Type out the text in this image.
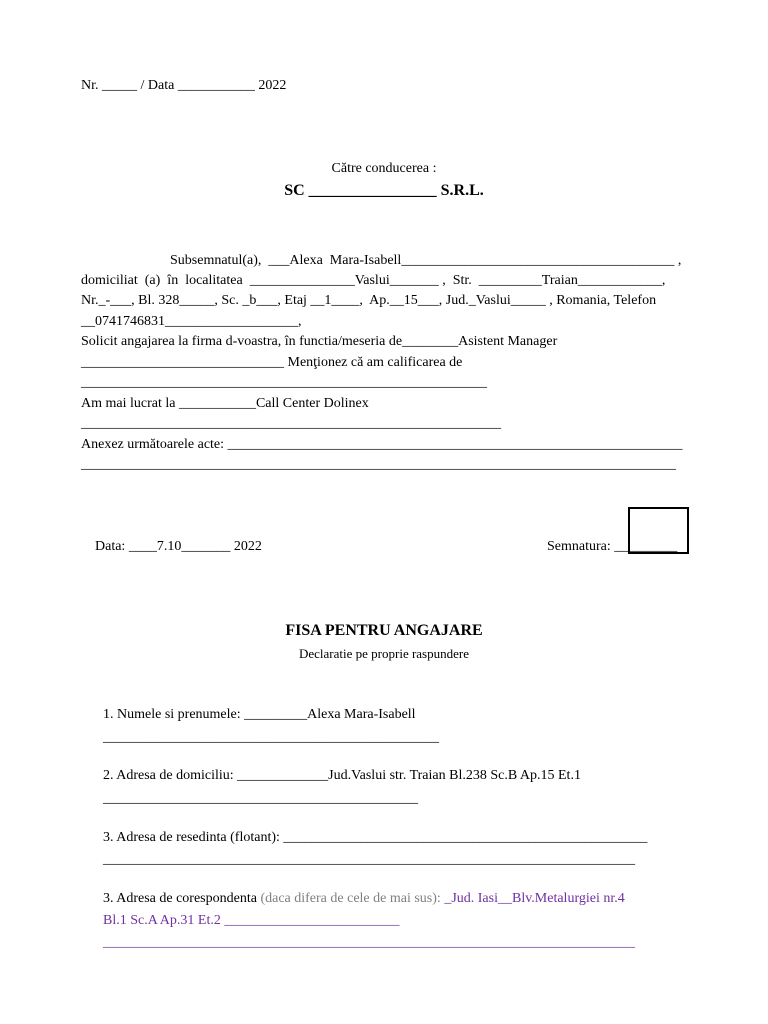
Nr. _____ / Data ___________ 2022
Către conducerea :
SC ________________ S.R.L.
Subsemnatul(a),  ___Alexa  Mara-Isabell_______________________________________ ,
domiciliat  (a)  în  localitatea  _______________Vaslui_______ ,  Str.  _________Traian____________,
Nr._-___, Bl. 328_____, Sc. _b___, Etaj __1____,  Ap.__15___, Jud._Vaslui_____ , Romania, Telefon
__0741746831___________________,
Solicit angajarea la firma d-voastra, în functia/meseria de________Asistent Manager
_____________________________ Menţionez că am calificarea de
__________________________________________________________
Am mai lucrat la ___________Call Center Dolinex
____________________________________________________________
Anexez următoarele acte: _________________________________________________________________
_____________________________________________________________________________________
Data: ____7.10_______ 2022	Semnatura: _________
FISA PENTRU ANGAJARE
Declaratie pe proprie raspundere
1. Numele si prenumele: _________Alexa Mara-Isabell
________________________________________________
2. Adresa de domiciliu: _____________Jud.Vaslui str. Traian Bl.238 Sc.B Ap.15 Et.1
_____________________________________________
3. Adresa de resedinta (flotant): ____________________________________________________
____________________________________________________________________________
3. Adresa de corespondenta (daca difera de cele de mai sus): _Jud. Iasi__Blv.Metalurgiei nr.4
Bl.1 Sc.A Ap.31 Et.2 _________________________
____________________________________________________________________________
